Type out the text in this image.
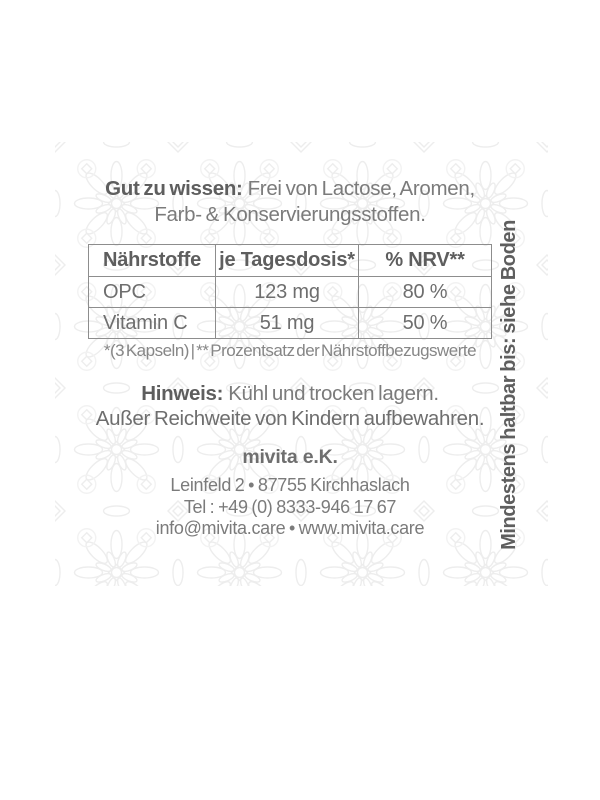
Gut zu wissen: Frei von Lactose, Aromen,
Farb- & Konservierungsstoffen.
Nährstoffe	je Tagesdosis*	% NRV**
OPC	123 mg	80 %
Vitamin C	51 mg	50 %
*(3 Kapseln) | ** Prozentsatz der Nährstoffbezugswerte
Hinweis: Kühl und trocken lagern.
Außer Reichweite von Kindern aufbewahren.
mivita e.K.
Leinfeld 2 • 87755 Kirchhaslach
Tel : +49 (0) 8333-946 17 67
info@mivita.care • www.mivita.care	Mindestens haltbar bis: siehe Boden
